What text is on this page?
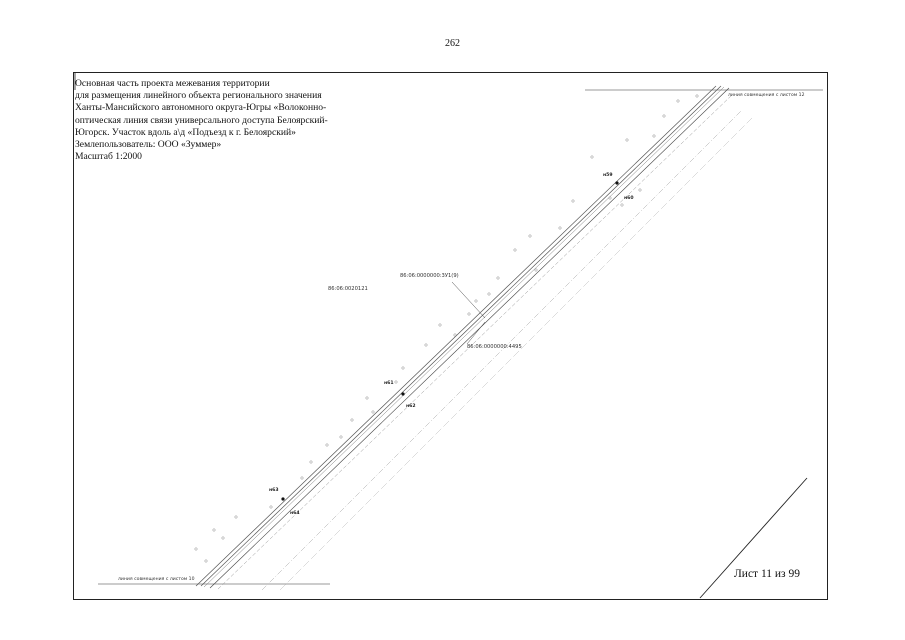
262
Основная часть проекта межевания территории
для размещения линейного объекта регионального значения
Ханты-Мансийского автономного округа-Югры «Волоконно-
оптическая линия связи универсального доступа Белоярский-
Югорск. Участок вдоль а\д «Подъезд к г. Белоярский»
Землепользователь: ООО «Зуммер»
Масштаб 1:2000
линия совмещения с листом 12
линия совмещения с листом 10
86:06:0020121
86:06:0000000:3У1(9)
86:06:0000000:4495
н59
н60
н61
н62
н63
н64
Лист 11 из 99
